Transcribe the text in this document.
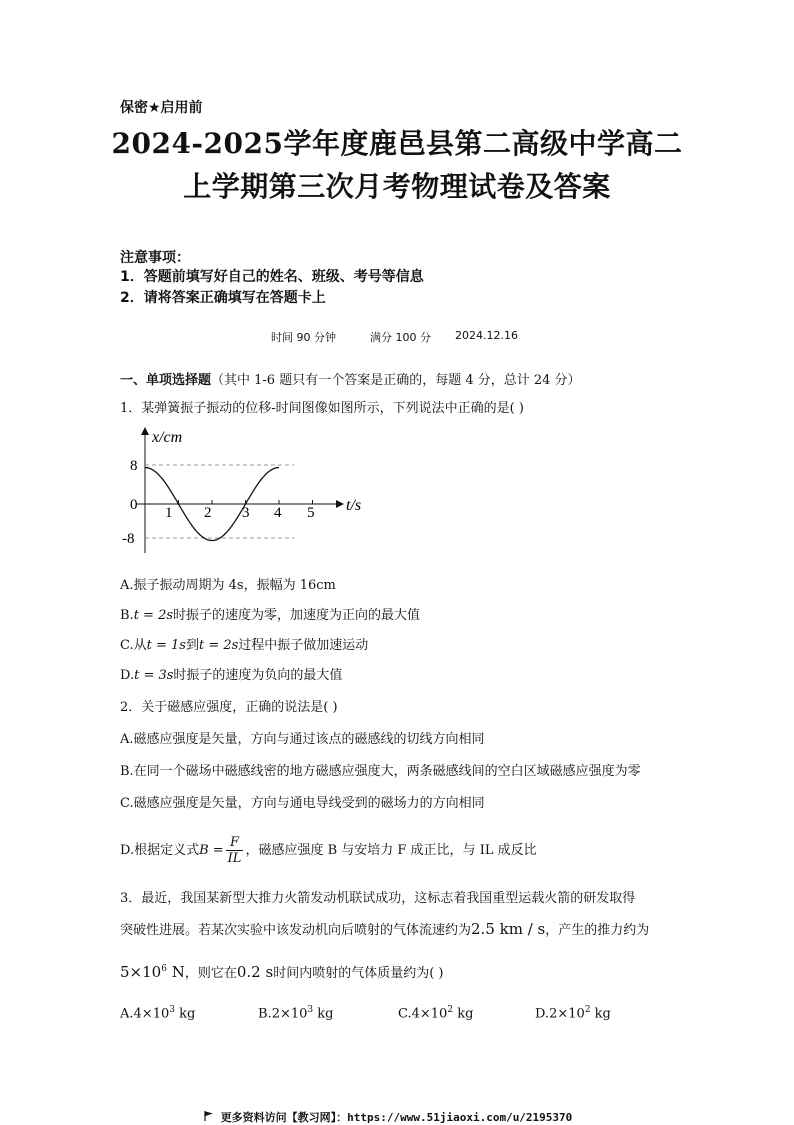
保密★启用前
2024-2025学年度鹿邑县第二高级中学高二
上学期第三次月考物理试卷及答案
注意事项：
1．答题前填写好自己的姓名、班级、考号等信息
2．请将答案正确填写在答题卡上
时间 90 分钟	满分 100 分 2024.12.16
一、单项选择题（其中 1-6 题只有一个答案是正确的，每题 4 分，总计 24 分）
1．某弹簧振子振动的位移-时间图像如图所示，下列说法中正确的是( )
x/cm
t/s
8
0
-8
1 2 3 4 5
A.振子振动周期为 4s，振幅为 16cm
B.t = 2s时振子的速度为零，加速度为正向的最大值
C.从t = 1s到t = 2s过程中振子做加速运动
D.t = 3s时振子的速度为负向的最大值
2．关于磁感应强度，正确的说法是( )
A.磁感应强度是矢量，方向与通过该点的磁感线的切线方向相同
B.在同一个磁场中磁感线密的地方磁感应强度大，两条磁感线间的空白区域磁感应强度为零
C.磁感应强度是矢量，方向与通电导线受到的磁场力的方向相同
D.根据定义式$B = \frac{F}{IL}$ ，磁感应强度 B 与安培力 F 成正比，与 IL 成反比
3．最近，我国某新型大推力火箭发动机联试成功，这标志着我国重型运载火箭的研发取得
突破性进展。若某次实验中该发动机向后喷射的气体流速约为2.5 km / s，产生的推力约为
$5\times 10^6$ N，则它在0.2 s时间内喷射的气体质量约为( )
$A.4\times 10^3$ kg	$B.2\times 10^3$ kg	$C.4\times 10^2$ kg	$D.2\times 10^2$ kg
更多资料访问【教习网】：https://www.51jiaoxi.com/u/2195370
